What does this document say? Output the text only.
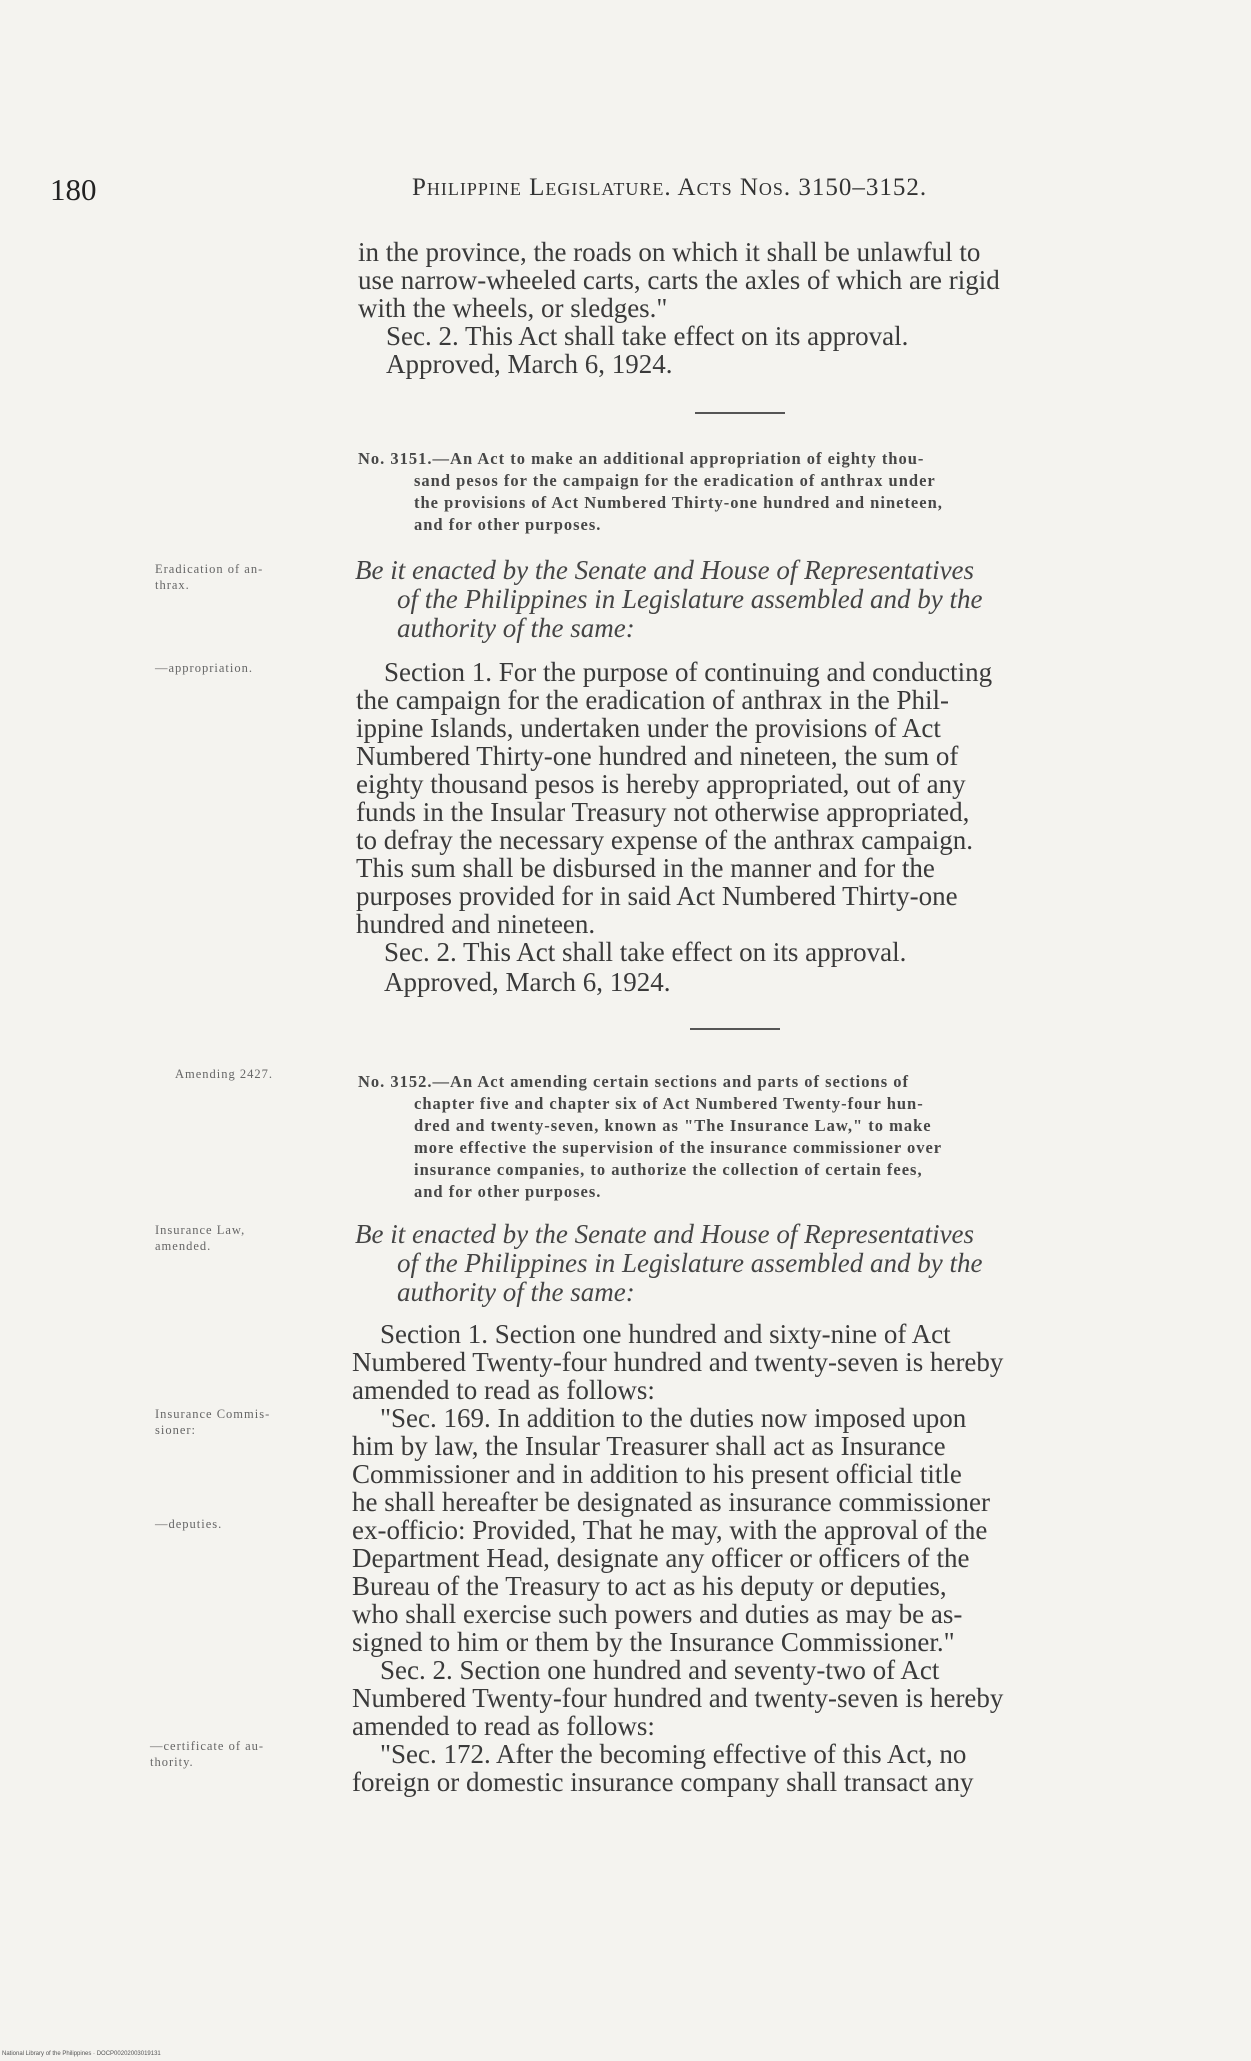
180	Philippine Legislature. Acts Nos. 3150–3152.

in the province, the roads on which it shall be unlawful to

use narrow-wheeled carts, carts the axles of which are rigid

with the wheels, or sledges."

Sec. 2. This Act shall take effect on its approval.

Approved, March 6, 1924.

No. 3151.—An Act to make an additional appropriation of eighty thou-
sand pesos for the campaign for the eradication of anthrax under
the provisions of Act Numbered Thirty-one hundred and nineteen,
and for other purposes.
Eradication of an-
thrax.	Be it enacted by the Senate and House of Representatives
of the Philippines in Legislature assembled and by the
authority of the same:
—appropriation.	Section 1. For the purpose of continuing and conducting

the campaign for the eradication of anthrax in the Phil-

ippine Islands, undertaken under the provisions of Act

Numbered Thirty-one hundred and nineteen, the sum of

eighty thousand pesos is hereby appropriated, out of any

funds in the Insular Treasury not otherwise appropriated,

to defray the necessary expense of the anthrax campaign.

This sum shall be disbursed in the manner and for the

purposes provided for in said Act Numbered Thirty-one

hundred and nineteen.

Sec. 2. This Act shall take effect on its approval.

Approved, March 6, 1924.

Amending 2427.	No. 3152.—An Act amending certain sections and parts of sections of
chapter five and chapter six of Act Numbered Twenty-four hun-
dred and twenty-seven, known as "The Insurance Law," to make
more effective the supervision of the insurance commissioner over
insurance companies, to authorize the collection of certain fees,
and for other purposes.
Insurance Law,
amended.	Be it enacted by the Senate and House of Representatives
of the Philippines in Legislature assembled and by the
authority of the same:
Insurance Commis-
sioner:
—deputies.
—certificate of au-
thority.

Section 1. Section one hundred and sixty-nine of Act

Numbered Twenty-four hundred and twenty-seven is hereby

amended to read as follows:

"Sec. 169. In addition to the duties now imposed upon

him by law, the Insular Treasurer shall act as Insurance

Commissioner and in addition to his present official title

he shall hereafter be designated as insurance commissioner

ex-officio: Provided, That he may, with the approval of the

Department Head, designate any officer or officers of the

Bureau of the Treasury to act as his deputy or deputies,

who shall exercise such powers and duties as may be as-

signed to him or them by the Insurance Commissioner."

Sec. 2. Section one hundred and seventy-two of Act

Numbered Twenty-four hundred and twenty-seven is hereby

amended to read as follows:

"Sec. 172. After the becoming effective of this Act, no

foreign or domestic insurance company shall transact any

National Library of the Philippines · DOCP00202003019131
